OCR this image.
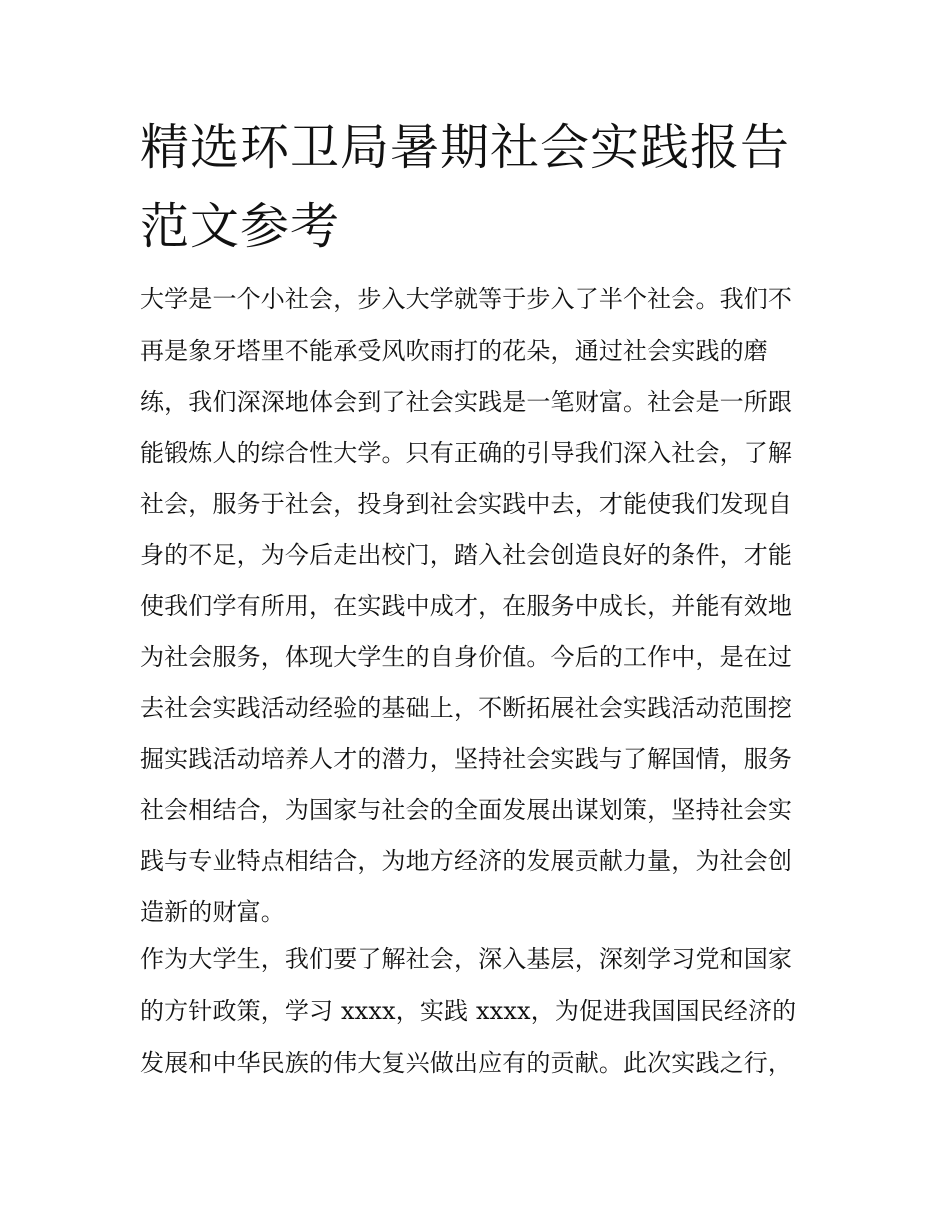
精选环卫局暑期社会实践报告
范文参考
大学是一个小社会，步入大学就等于步入了半个社会。我们不
再是象牙塔里不能承受风吹雨打的花朵，通过社会实践的磨
练，我们深深地体会到了社会实践是一笔财富。社会是一所跟
能锻炼人的综合性大学。只有正确的引导我们深入社会，了解
社会，服务于社会，投身到社会实践中去，才能使我们发现自
身的不足，为今后走出校门，踏入社会创造良好的条件，才能
使我们学有所用，在实践中成才，在服务中成长，并能有效地
为社会服务，体现大学生的自身价值。今后的工作中，是在过
去社会实践活动经验的基础上，不断拓展社会实践活动范围挖
掘实践活动培养人才的潜力，坚持社会实践与了解国情，服务
社会相结合，为国家与社会的全面发展出谋划策，坚持社会实
践与专业特点相结合，为地方经济的发展贡献力量，为社会创
造新的财富。
作为大学生，我们要了解社会，深入基层，深刻学习党和国家
的方针政策，学习 xxxx，实践 xxxx，为促进我国国民经济的
发展和中华民族的伟大复兴做出应有的贡献。此次实践之行，
